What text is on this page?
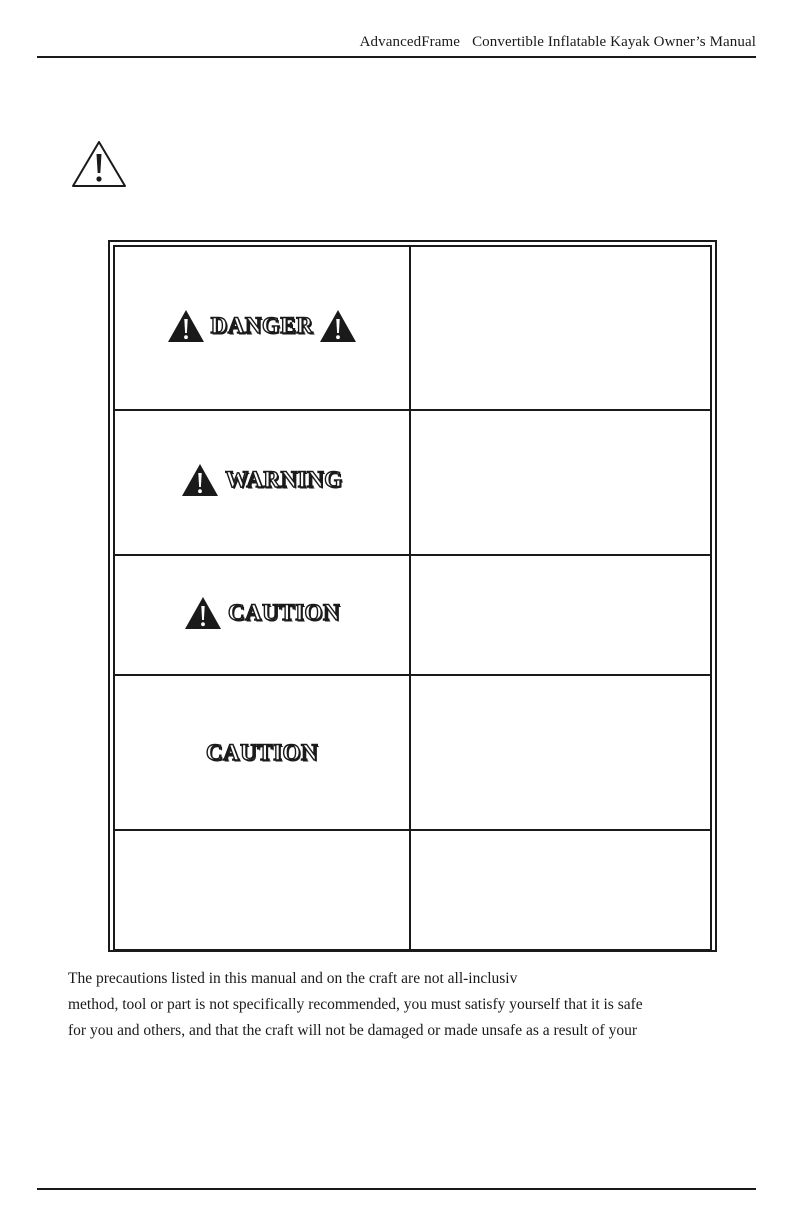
AdvancedFrame Convertible Inflatable Kayak Owner’s Manual
DANGER	

WARNING	

CAUTION	

CAUTION	

The precautions listed in this manual and on the craft are not all-inclusiv

method, tool or part is not specifically recommended, you must satisfy yourself that it is safe

for you and others, and that the craft will not be damaged or made unsafe as a result of your
